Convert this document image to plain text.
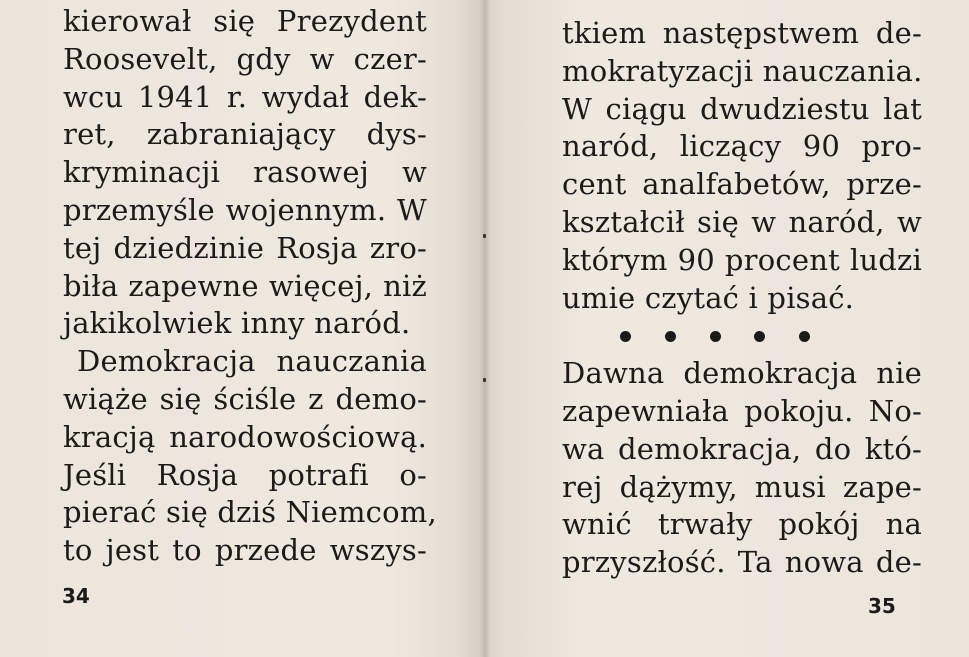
kierował się Prezydent
Roosevelt, gdy w czer-
wcu 1941 r. wydał dek-
ret, zabraniający dys-
kryminacji rasowej w
przemyśle wojennym. W
tej dziedzinie Rosja zro-
biła zapewne więcej, niż
jakikolwiek inny naród.
Demokracja nauczania
wiąże się ściśle z demo-
kracją narodowościową.
Jeśli Rosja potrafi o-
pierać się dziś Niemcom,
to jest to przede wszys-
34
tkiem następstwem de-
mokratyzacji nauczania.
W ciągu dwudziestu lat
naród, liczący 90 pro-
cent analfabetów, prze-
kształcił się w naród, w
którym 90 procent ludzi
umie czytać i pisać.
Dawna demokracja nie
zapewniała pokoju. No-
wa demokracja, do któ-
rej dążymy, musi zape-
wnić trwały pokój na
przyszłość. Ta nowa de-
35
